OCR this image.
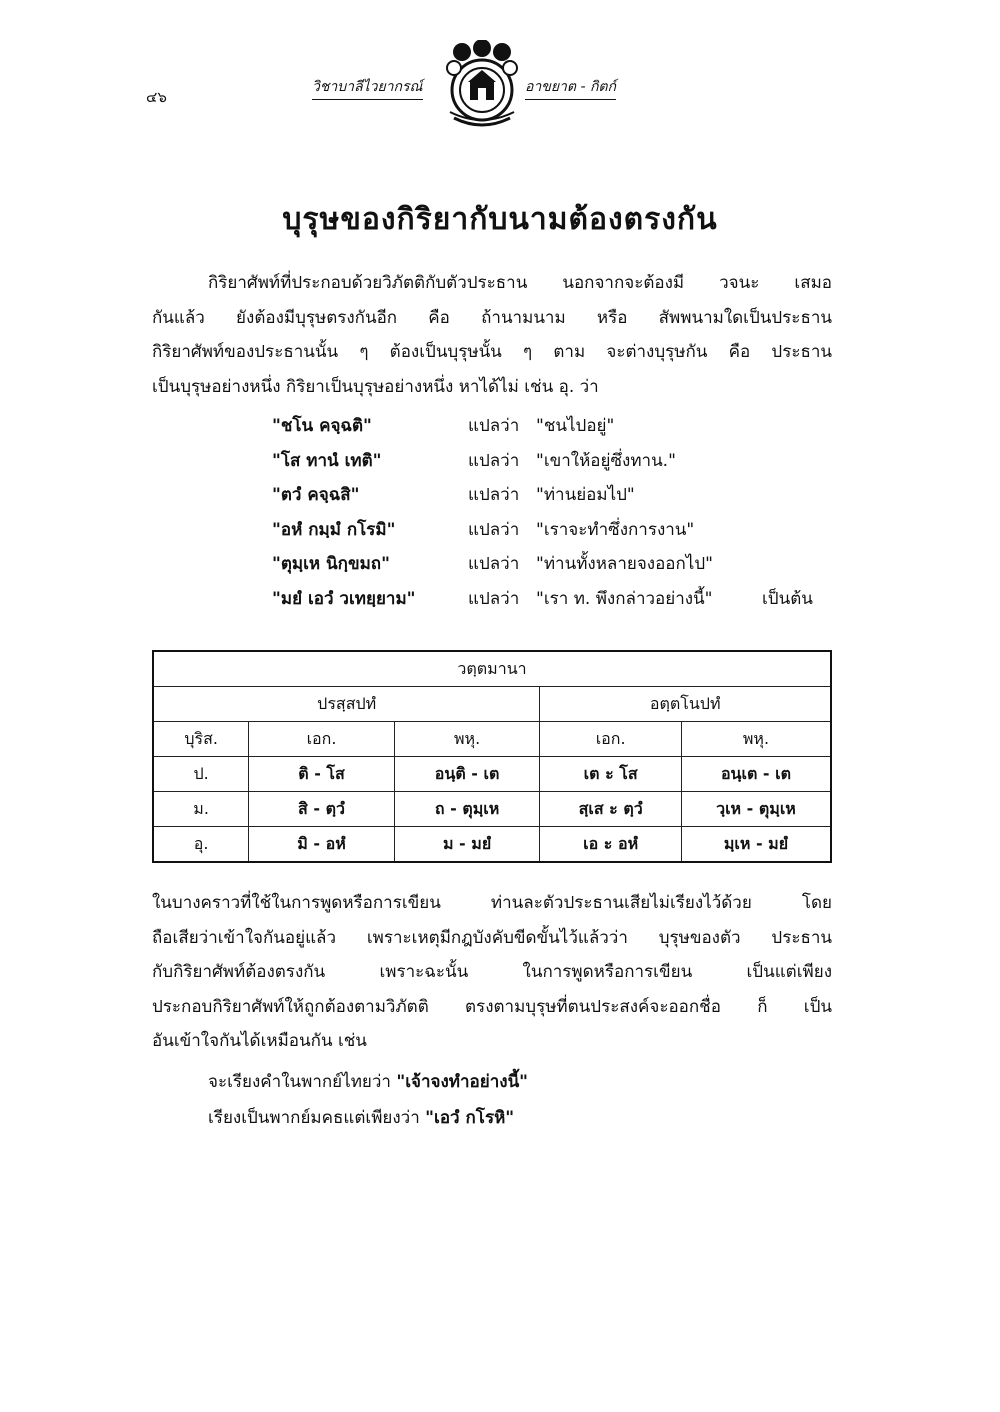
๔๖
วิชาบาลีไวยากรณ์	อาขยาต - กิตก์
บุรุษของกิริยากับนามต้องตรงกัน
กิริยาศัพท์ที่ประกอบด้วยวิภัตติกับตัวประธาน นอกจากจะต้องมี วจนะ เสมอ
กันแล้ว ยังต้องมีบุรุษตรงกันอีก คือ ถ้านามนาม หรือ สัพพนามใดเป็นประธาน
กิริยาศัพท์ของประธานนั้น ๆ ต้องเป็นบุรุษนั้น ๆ ตาม จะต่างบุรุษกัน คือ ประธาน
เป็นบุรุษอย่างหนึ่ง กิริยาเป็นบุรุษอย่างหนึ่ง หาได้ไม่ เช่น อุ. ว่า
"ชโน คจฺฉติ"	แปลว่า "ชนไปอยู่"
"โส ทานํ เทติ"	แปลว่า "เขาให้อยู่ซึ่งทาน."
"ตวํ คจฺฉสิ"	แปลว่า "ท่านย่อมไป"
"อหํ กมฺมํ กโรมิ"	แปลว่า "เราจะทำซึ่งการงาน"
"ตุมฺเห นิกฺขมถ"	แปลว่า "ท่านทั้งหลายจงออกไป"
"มยํ เอวํ วเทยฺยาม"	แปลว่า "เรา ท. พึงกล่าวอย่างนี้"	เป็นต้น
วตฺตมานา				
ปรสฺสปทํ			อตฺตโนปทํ	
บุริส.	เอก.	พหุ.	เอก.	พหุ.
ป.	ติ - โส	อนฺติ - เต	เต ะ โส	อนฺเต - เต
ม.	สิ - ตฺวํ	ถ - ตุมฺเห	สฺเส ะ ตฺวํ	วฺเห - ตุมฺเห
อุ.	มิ - อหํ	ม - มยํ	เอ ะ อหํ	มฺเห - มยํ
ในบางคราวที่ใช้ในการพูดหรือการเขียน ท่านละตัวประธานเสียไม่เรียงไว้ด้วย โดย
ถือเสียว่าเข้าใจกันอยู่แล้ว เพราะเหตุมีกฎบังคับขีดขั้นไว้แล้วว่า บุรุษของตัว ประธาน
กับกิริยาศัพท์ต้องตรงกัน เพราะฉะนั้น ในการพูดหรือการเขียน เป็นแต่เพียง
ประกอบกิริยาศัพท์ให้ถูกต้องตามวิภัตติ ตรงตามบุรุษที่ตนประสงค์จะออกชื่อ ก็ เป็น
อันเข้าใจกันได้เหมือนกัน เช่น
จะเรียงคำในพากย์ไทยว่า "เจ้าจงทำอย่างนี้"
เรียงเป็นพากย์มคธแต่เพียงว่า "เอวํ กโรหิ"
